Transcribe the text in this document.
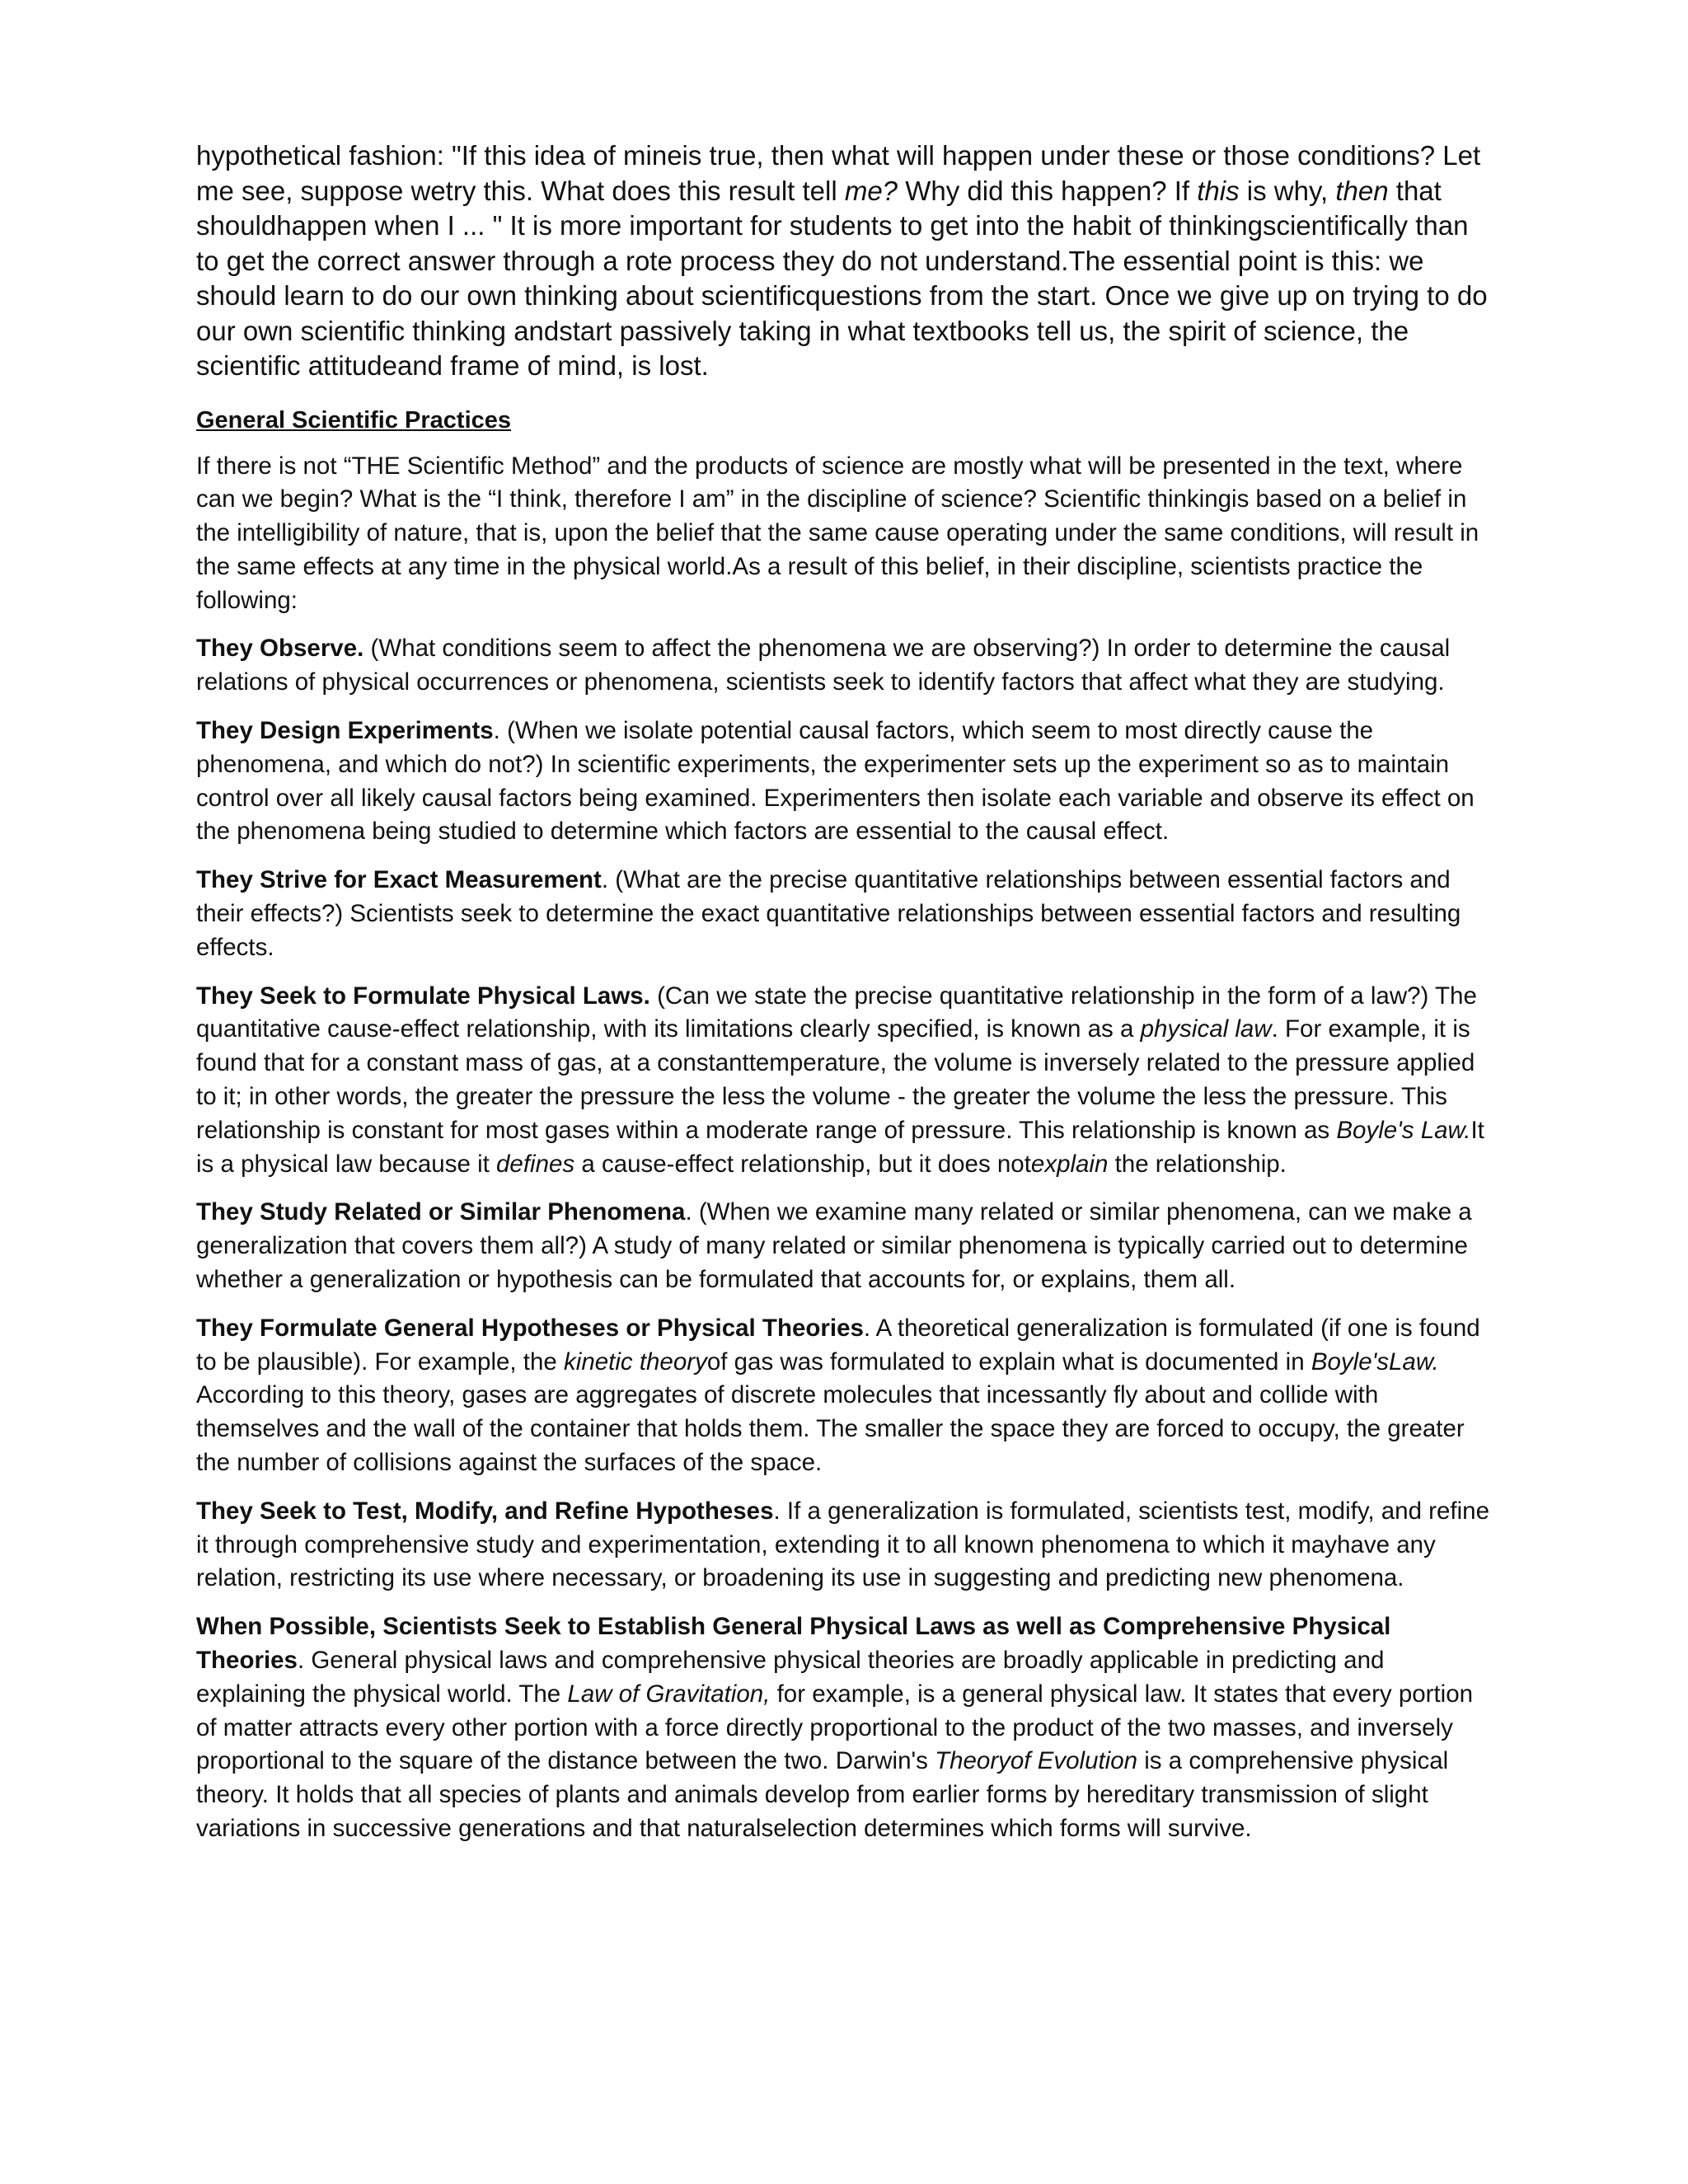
hypothetical fashion: "If this idea of mineis true, then what will happen under these or those conditions? Let me see, suppose wetry this. What does this result tell me? Why did this happen? If this is why, then that shouldhappen when I ... " It is more important for students to get into the habit of thinkingscientifically than to get the correct answer through a rote process they do not understand.The essential point is this: we should learn to do our own thinking about scientificquestions from the start. Once we give up on trying to do our own scientific thinking andstart passively taking in what textbooks tell us, the spirit of science, the scientific attitudeand frame of mind, is lost.

General Scientific Practices

If there is not “THE Scientific Method” and the products of science are mostly what will be presented in the text, where can we begin? What is the “I think, therefore I am” in the discipline of science? Scientific thinkingis based on a belief in the intelligibility of nature, that is, upon the belief that the same cause operating under the same conditions, will result in the same effects at any time in the physical world.As a result of this belief, in their discipline, scientists practice the following:

They Observe. (What conditions seem to affect the phenomena we are observing?) In order to determine the causal relations of physical occurrences or phenomena, scientists seek to identify factors that affect what they are studying.

They Design Experiments. (When we isolate potential causal factors, which seem to most directly cause the phenomena, and which do not?) In scientific experiments, the experimenter sets up the experiment so as to maintain control over all likely causal factors being examined. Experimenters then isolate each variable and observe its effect on the phenomena being studied to determine which factors are essential to the causal effect.

They Strive for Exact Measurement. (What are the precise quantitative relationships between essential factors and their effects?) Scientists seek to determine the exact quantitative relationships between essential factors and resulting effects.

They Seek to Formulate Physical Laws. (Can we state the precise quantitative relationship in the form of a law?) The quantitative cause-effect relationship, with its limitations clearly specified, is known as a physical law. For example, it is found that for a constant mass of gas, at a constanttemperature, the volume is inversely related to the pressure applied to it; in other words, the greater the pressure the less the volume - the greater the volume the less the pressure. This relationship is constant for most gases within a moderate range of pressure. This relationship is known as Boyle's Law.It is a physical law because it defines a cause-effect relationship, but it does notexplain the relationship.

They Study Related or Similar Phenomena. (When we examine many related or similar phenomena, can we make a generalization that covers them all?) A study of many related or similar phenomena is typically carried out to determine whether a generalization or hypothesis can be formulated that accounts for, or explains, them all.

They Formulate General Hypotheses or Physical Theories. A theoretical generalization is formulated (if one is found to be plausible). For example, the kinetic theoryof gas was formulated to explain what is documented in Boyle'sLaw. According to this theory, gases are aggregates of discrete molecules that incessantly fly about and collide with themselves and the wall of the container that holds them. The smaller the space they are forced to occupy, the greater the number of collisions against the surfaces of the space.

They Seek to Test, Modify, and Refine Hypotheses. If a generalization is formulated, scientists test, modify, and refine it through comprehensive study and experimentation, extending it to all known phenomena to which it mayhave any relation, restricting its use where necessary, or broadening its use in suggesting and predicting new phenomena.

When Possible, Scientists Seek to Establish General Physical Laws as well as Comprehensive Physical Theories. General physical laws and comprehensive physical theories are broadly applicable in predicting and explaining the physical world. The Law of Gravitation, for example, is a general physical law. It states that every portion of matter attracts every other portion with a force directly proportional to the product of the two masses, and inversely proportional to the square of the distance between the two. Darwin's Theoryof Evolution is a comprehensive physical theory. It holds that all species of plants and animals develop from earlier forms by hereditary transmission of slight variations in successive generations and that naturalselection determines which forms will survive.
